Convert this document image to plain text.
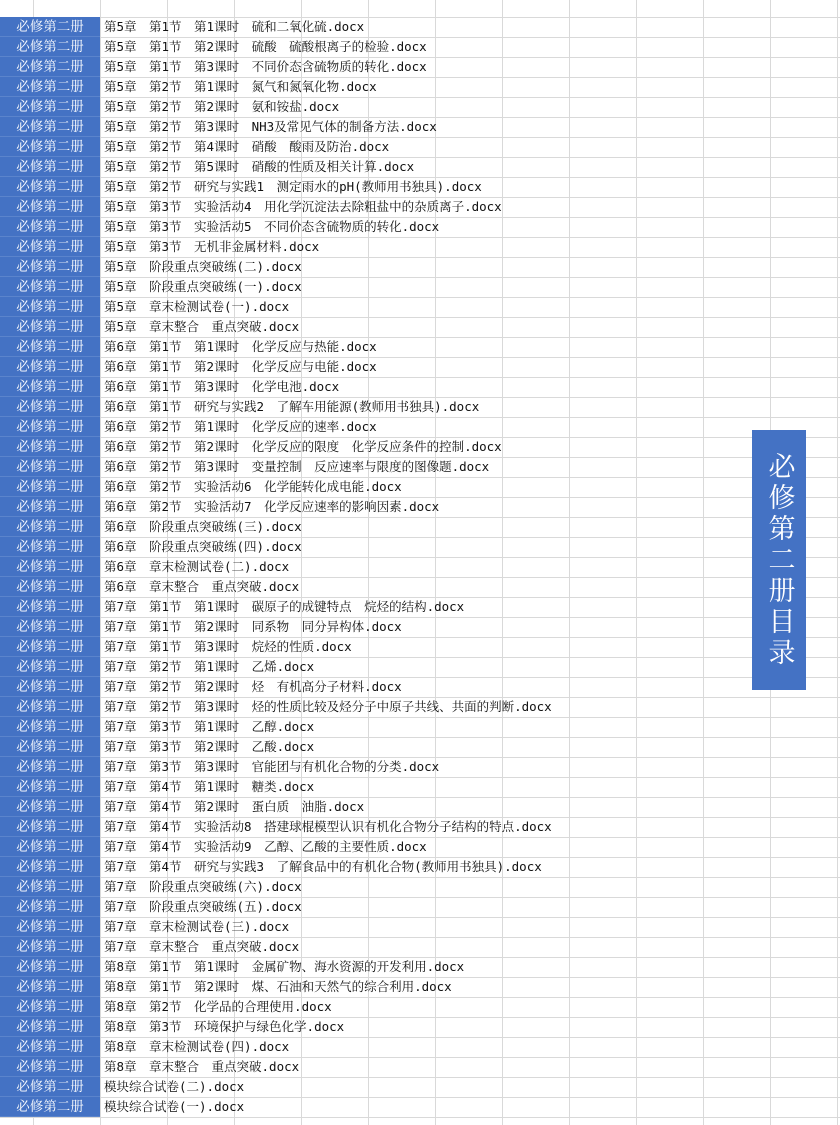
必修第二册	第5章　第1节　第1课时　硫和二氧化硫.docx
必修第二册	第5章　第1节　第2课时　硫酸　硫酸根离子的检验.docx
必修第二册	第5章　第1节　第3课时　不同价态含硫物质的转化.docx
必修第二册	第5章　第2节　第1课时　氮气和氮氧化物.docx
必修第二册	第5章　第2节　第2课时　氨和铵盐.docx
必修第二册	第5章　第2节　第3课时　NH3及常见气体的制备方法.docx
必修第二册	第5章　第2节　第4课时　硝酸　酸雨及防治.docx
必修第二册	第5章　第2节　第5课时　硝酸的性质及相关计算.docx
必修第二册	第5章　第2节　研究与实践1　测定雨水的pH(教师用书独具).docx
必修第二册	第5章　第3节　实验活动4　用化学沉淀法去除粗盐中的杂质离子.docx
必修第二册	第5章　第3节　实验活动5　不同价态含硫物质的转化.docx
必修第二册	第5章　第3节　无机非金属材料.docx
必修第二册	第5章　阶段重点突破练(二).docx
必修第二册	第5章　阶段重点突破练(一).docx
必修第二册	第5章　章末检测试卷(一).docx
必修第二册	第5章　章末整合　重点突破.docx
必修第二册	第6章　第1节　第1课时　化学反应与热能.docx
必修第二册	第6章　第1节　第2课时　化学反应与电能.docx
必修第二册	第6章　第1节　第3课时　化学电池.docx
必修第二册	第6章　第1节　研究与实践2　了解车用能源(教师用书独具).docx
必修第二册	第6章　第2节　第1课时　化学反应的速率.docx
必修第二册	第6章　第2节　第2课时　化学反应的限度　化学反应条件的控制.docx
必修第二册	第6章　第2节　第3课时　变量控制　反应速率与限度的图像题.docx
必修第二册	第6章　第2节　实验活动6　化学能转化成电能.docx
必修第二册	第6章　第2节　实验活动7　化学反应速率的影响因素.docx
必修第二册	第6章　阶段重点突破练(三).docx
必修第二册	第6章　阶段重点突破练(四).docx
必修第二册	第6章　章末检测试卷(二).docx
必修第二册	第6章　章末整合　重点突破.docx
必修第二册	第7章　第1节　第1课时　碳原子的成键特点　烷烃的结构.docx
必修第二册	第7章　第1节　第2课时　同系物　同分异构体.docx
必修第二册	第7章　第1节　第3课时　烷烃的性质.docx
必修第二册	第7章　第2节　第1课时　乙烯.docx
必修第二册	第7章　第2节　第2课时　烃　有机高分子材料.docx
必修第二册	第7章　第2节　第3课时　烃的性质比较及烃分子中原子共线、共面的判断.docx
必修第二册	第7章　第3节　第1课时　乙醇.docx
必修第二册	第7章　第3节　第2课时　乙酸.docx
必修第二册	第7章　第3节　第3课时　官能团与有机化合物的分类.docx
必修第二册	第7章　第4节　第1课时　糖类.docx
必修第二册	第7章　第4节　第2课时　蛋白质　油脂.docx
必修第二册	第7章　第4节　实验活动8　搭建球棍模型认识有机化合物分子结构的特点.docx
必修第二册	第7章　第4节　实验活动9　乙醇、乙酸的主要性质.docx
必修第二册	第7章　第4节　研究与实践3　了解食品中的有机化合物(教师用书独具).docx
必修第二册	第7章　阶段重点突破练(六).docx
必修第二册	第7章　阶段重点突破练(五).docx
必修第二册	第7章　章末检测试卷(三).docx
必修第二册	第7章　章末整合　重点突破.docx
必修第二册	第8章　第1节　第1课时　金属矿物、海水资源的开发利用.docx
必修第二册	第8章　第1节　第2课时　煤、石油和天然气的综合利用.docx
必修第二册	第8章　第2节　化学品的合理使用.docx
必修第二册	第8章　第3节　环境保护与绿色化学.docx
必修第二册	第8章　章末检测试卷(四).docx
必修第二册	第8章　章末整合　重点突破.docx
必修第二册	模块综合试卷(二).docx
必修第二册	模块综合试卷(一).docx
必修第二册目录
